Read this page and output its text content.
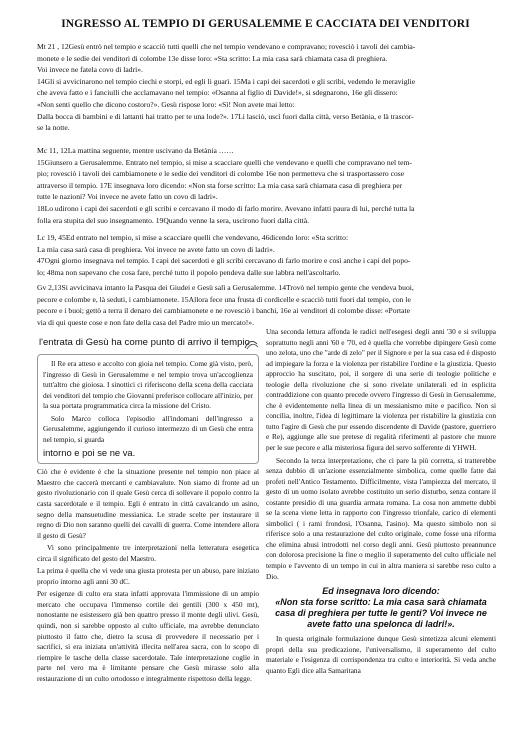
INGRESSO AL TEMPIO DI GERUSALEMME E CACCIATA DEI VENDITORI

Mt 21 , 12Gesù entrò nel tempio e scacciò tutti quelli che nel tempio vendevano e compravano; rovesciò i tavoli dei cambia-

monete e le sedie dei venditori di colombe 13e disse loro: «Sta scritto: La mia casa sarà chiamata casa di preghiera.

Voi invece ne fatela covo di ladri».

14Gli si avvicinarono nel tempio ciechi e storpi, ed egli li guarì. 15Ma i capi dei sacerdoti e gli scribi, vedendo le meraviglie

che aveva fatto e i fanciulli che acclamavano nel tempio: «Osanna al figlio di Davide!», si sdegnarono, 16e gli dissero:

«Non senti quello che dicono costoro?». Gesù rispose loro: «Sì! Non avete mai letto:

Dalla bocca di bambini e di lattanti hai tratto per te una lode?». 17Li lasciò, uscì fuori dalla città, verso Betània, e là trascor-

se la notte.

Mc 11, 12La mattina seguente, mentre uscivano da Betània ……

15Giunsero a Gerusalemme. Entrato nel tempio, si mise a scacciare quelli che vendevano e quelli che compravano nel tem-

pio; rovesciò i tavoli dei cambiamonete e le sedie dei venditori di colombe 16e non permetteva che si trasportassero cose

attraverso il tempio. 17E insegnava loro dicendo: «Non sta forse scritto: La mia casa sarà chiamata casa di preghiera per

tutte le nazioni? Voi invece ne avete fatto un covo di ladri».

18Lo udirono i capi dei sacerdoti e gli scribi e cercavano il modo di farlo morire. Avevano infatti paura di lui, perché tutta la

folla era stupita del suo insegnamento. 19Quando venne la sera, uscirono fuori dalla città.

Lc 19, 45Ed entrato nel tempio, si mise a scacciare quelli che vendevano, 46dicendo loro: «Sta scritto:

La mia casa sarà casa di preghiera. Voi invece ne avete fatto un covo di ladri».

47Ogni giorno insegnava nel tempio. I capi dei sacerdoti e gli scribi cercavano di farlo morire e così anche i capi del popo-

lo; 48ma non sapevano che cosa fare, perché tutto il popolo pendeva dalle sue labbra nell'ascoltarlo.

Gv 2,13Si avvicinava intanto la Pasqua dei Giudei e Gesù salì a Gerusalemme. 14Trovò nel tempio gente che vendeva buoi,

pecore e colombe e, là seduti, i cambiamonete. 15Allora fece una frusta di cordicelle e scacciò tutti fuori dal tempio, con le

pecore e i buoi; gettò a terra il denaro dei cambiamonete e ne rovesciò i banchi, 16e ai venditori di colombe disse: «Portate

via di qui queste cose e non fate della casa del Padre mio un mercato!».

l'entrata di Gesù ha come punto di arrivo il tempio.

Il Re era atteso e accolto con gioia nel tempio. Come già visto, però, l'ingresso di Gesù in Gerusalemme e nel tempio trova un'accoglienza tutt'altro che gioiosa. I sinottici ci riferiscono della scena della cacciata dei venditori del tempio che Giovanni preferisce collocare all'inizio, per la sua portata programmatica circa la missione del Cristo.

Solo Marco colloca l'episodio all'indomani dell'ingresso a Gerusalemme, aggiungendo il curioso intermezzo di un Gesù che entra nel tempio, si guarda

intorno e poi se ne va.

Ciò che è evidente è che la situazione presente nel tempio non piace al Maestro che caccerà mercanti e cambiavalute. Non siamo di fronte ad un gesto rivoluzionario con il quale Gesù cerca di sollevare il popolo contro la casta sacerdotale e il tempio. Egli è entrato in città cavalcando un asino, segno della mansuetudine messianica. Le strade scelte per instaurare il regno di Dio non saranno quelli dei cavalli di guerra. Come intendere allora il gesto di Gesù?

Vi sono principalmente tre interpretazioni nella letteratura esegetica circa il significato del gesto del Maestro.

La prima è quella che vi vede una giusta protesta per un abuso, pare iniziato proprio intorno agli anni 30 dC.

Per esigenze di culto era stata infatti approvata l'immissione di un ampio mercato che occupava l'immenso cortile dei gentili (300 x 450 mt), nonostante ne esistessero già ben quattro presso il monte degli ulivi. Gesù, quindi, non si sarebbe opposto al culto ufficiale, ma avrebbe denunciato piuttosto il fatto che, dietro la scusa di provvedere il necessario per i sacrifici, si era iniziata un'attività illecita nell'area sacra, con lo scopo di riempire le tasche della classe sacerdotale. Tale interpretazione coglie in parte nel vero ma è limitante pensare che Gesù mirasse solo alla restaurazione di un culto ortodosso e integralmente rispettoso della legge.

Una seconda lettura affonda le radici nell'esegesi degli anni '30 e si sviluppa soprattutto negli anni '60 e '70, ed è quella che vorrebbe dipingere Gesù come uno zelota, uno che "arde di zelo" per il Signore e per la sua casa ed è disposto ad impiegare la forza e la violenza per ristabilire l'ordine e la giustizia. Questo approccio ha suscitato, poi, il sorgere di una serie di teologie politiche e teologie della rivoluzione che si sono rivelate unilaterali ed in esplicita contraddizione con quanto precede ovvero l'ingresso di Gesù in Gerusalemme, che è evidentemente nella linea di un messianismo mite e pacifico. Non si concilia, inoltre, l'idea di legittimare la violenza per ristabilire la giustizia con tutto l'agire di Gesù che pur essendo discendente di Davide (pastore, guerriero e Re), aggiunge alle sue pretese di regalità riferimenti al pastore che muore per le sue pecore e alla misteriosa figura del servo sofferente di YHWH.

Secondo la terza interpretazione, che ci pare la più corretta, si tratterebbe senza dubbio di un'azione essenzialmente simbolica, come quelle fatte dai profeti nell'Antico Testamento. Difficilmente, vista l'ampiezza del mercato, il gesto di un uomo isolato avrebbe costituito un serio disturbo, senza contare il costante presidio di una guardia armata romana. La cosa non ammette dubbi se la scena viene letta in rapporto con l'ingresso trionfale, carico di elementi simbolici ( i rami frondosi, l'Osanna, l'asino). Ma questo simbolo non si riferisce solo a una restaurazione del culto originale, come fosse una riforma che elimina abusi introdotti nel corso degli anni. Gesù piuttosto preannunce con dolorosa precisione la fine o meglio il superamento del culto ufficiale nel tempio e l'avvento di un tempo in cui in altra maniera si sarebbe reso culto a Dio.

Ed insegnava loro dicendo:
«Non sta forse scritto: La mia casa sarà chiamata casa di preghiera per tutte le genti? Voi invece ne avete fatto una spelonca di ladri!».

In questa originale formulazione dunque Gesù sintetizza alcuni elementi propri della sua predicazione, l'universalismo, il superamento del culto materiale e l'esigenza di corrispondenza tra culto e interiorità. Si veda anche quanto Egli dice alla Samaritana
